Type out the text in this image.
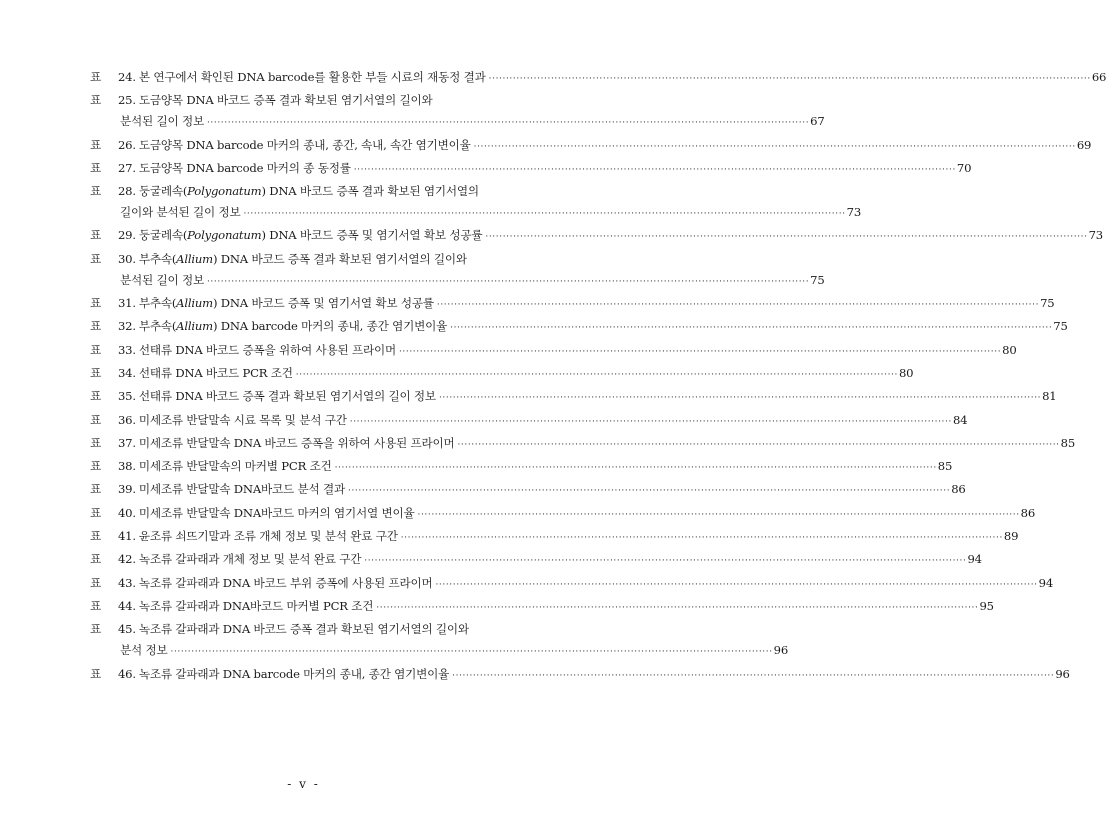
표	24. 본 연구에서 확인된 DNA barcode를 활용한 부들 시료의 재동정 결과 ·····	66
표	25. 도금양목 DNA 바코드 증폭 결과 확보된 염기서열의 길이와
분석된 길이 정보 ·····	67
표	26. 도금양목 DNA barcode 마커의 종내, 종간, 속내, 속간 염기변이율 ·····	69
표	27. 도금양목 DNA barcode 마커의 종 동정률 ·····	70
표	28. 둥굴레속(Polygonatum) DNA 바코드 증폭 결과 확보된 염기서열의
길이와 분석된 길이 정보 ·····	73
표	29. 둥굴레속(Polygonatum) DNA 바코드 증폭 및 염기서열 확보 성공률 ·····	73
표	30. 부추속(Allium) DNA 바코드 증폭 결과 확보된 염기서열의 길이와
분석된 길이 정보 ·····	75
표	31. 부추속(Allium) DNA 바코드 증폭 및 염기서열 확보 성공률 ·····	75
표	32. 부추속(Allium) DNA barcode 마커의 종내, 종간 염기변이율 ·····	75
표	33. 선태류 DNA 바코드 증폭을 위하여 사용된 프라이머 ·····	80
표	34. 선태류 DNA 바코드 PCR 조건 ·····	80
표	35. 선태류 DNA 바코드 증폭 결과 확보된 염기서열의 길이 정보 ·····	81
표	36. 미세조류 반달말속 시료 목록 및 분석 구간 ·····	84
표	37. 미세조류 반달말속 DNA 바코드 증폭을 위하여 사용된 프라이머 ·····	85
표	38. 미세조류 반달말속의 마커별 PCR 조건 ·····	85
표	39. 미세조류 반달말속 DNA바코드 분석 결과 ·····	86
표	40. 미세조류 반달말속 DNA바코드 마커의 염기서열 변이율 ·····	86
표	41. 윤조류 쇠뜨기말과 조류 개체 정보 및 분석 완료 구간 ·····	89
표	42. 녹조류 갈파래과 개체 정보 및 분석 완료 구간 ·····	94
표	43. 녹조류 갈파래과 DNA 바코드 부위 증폭에 사용된 프라이머 ·····	94
표	44. 녹조류 갈파래과 DNA바코드 마커별 PCR 조건 ·····	95
표	45. 녹조류 갈파래과 DNA 바코드 증폭 결과 확보된 염기서열의 길이와
분석 정보 ·····	96
표	46. 녹조류 갈파래과 DNA barcode 마커의 종내, 종간 염기변이율 ·····	96
- v -
